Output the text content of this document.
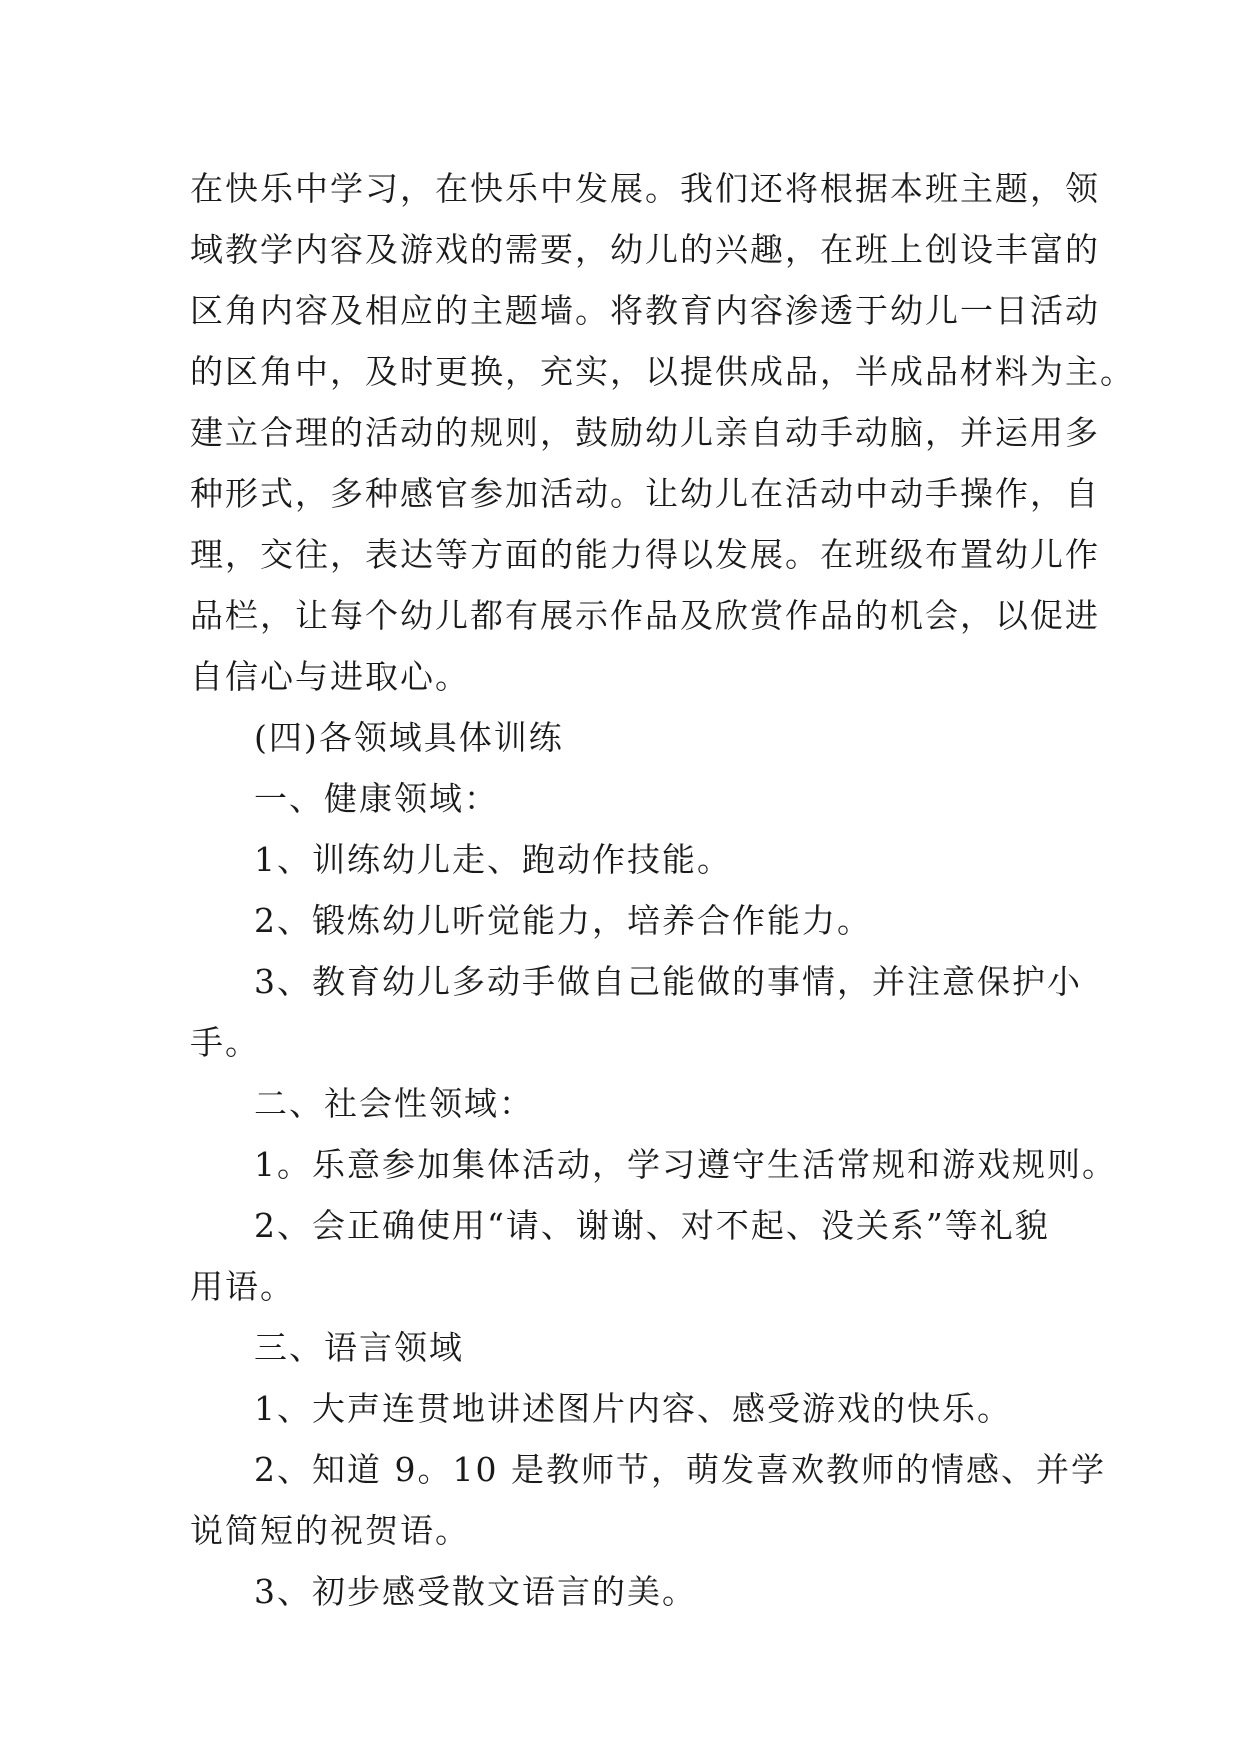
在快乐中学习，在快乐中发展。我们还将根据本班主题，领
域教学内容及游戏的需要，幼儿的兴趣，在班上创设丰富的
区角内容及相应的主题墙。将教育内容渗透于幼儿一日活动
的区角中，及时更换，充实，以提供成品，半成品材料为主。
建立合理的活动的规则，鼓励幼儿亲自动手动脑，并运用多
种形式，多种感官参加活动。让幼儿在活动中动手操作，自
理，交往，表达等方面的能力得以发展。在班级布置幼儿作
品栏，让每个幼儿都有展示作品及欣赏作品的机会，以促进
自信心与进取心。
(四)各领域具体训练
一、健康领域：
1、训练幼儿走、跑动作技能。
2、锻炼幼儿听觉能力，培养合作能力。
3、教育幼儿多动手做自己能做的事情，并注意保护小
手。
二、社会性领域：
1。乐意参加集体活动，学习遵守生活常规和游戏规则。
2、会正确使用“请、谢谢、对不起、没关系”等礼貌
用语。
三、语言领域
1、大声连贯地讲述图片内容、感受游戏的快乐。
2、知道 9。10 是教师节，萌发喜欢教师的情感、并学
说简短的祝贺语。
3、初步感受散文语言的美。
